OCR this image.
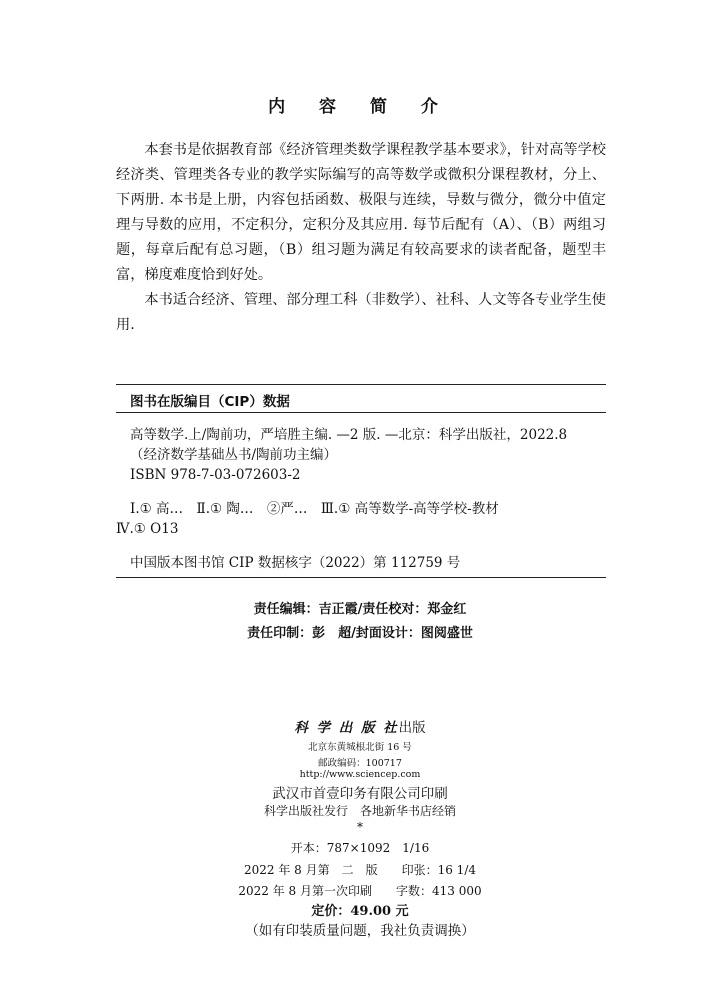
内 容 简 介

本套书是依据教育部《经济管理类数学课程教学基本要求》，针对高等学校经济类、管理类各专业的教学实际编写的高等数学或微积分课程教材，分上、下两册. 本书是上册，内容包括函数、极限与连续，导数与微分，微分中值定理与导数的应用，不定积分，定积分及其应用. 每节后配有（A）、（B）两组习题，每章后配有总习题，（B）组习题为满足有较高要求的读者配备，题型丰富，梯度难度恰到好处。

本书适合经济、管理、部分理工科（非数学）、社科、人文等各专业学生使用.

图书在版编目（CIP）数据
高等数学.上/陶前功，严培胜主编. —2 版. —北京：科学出版社，2022.8
（经济数学基础丛书/陶前功主编）
ISBN 978-7-03-072603-2
Ⅰ.① 高…　Ⅱ.① 陶…　②严…　Ⅲ.① 高等数学-高等学校-教材
Ⅳ.① O13
中国版本图书馆 CIP 数据核字（2022）第 112759 号
责任编辑：吉正霞/责任校对：郑金红
责任印制：彭　超/封面设计：图阅盛世
科 学 出 版 社出版
北京东黄城根北街 16 号
邮政编码：100717
http://www.sciencep.com
武汉市首壹印务有限公司印刷
科学出版社发行　各地新华书店经销
*
开本：787×1092　1/16
2022 年 8 月第　二　版　　印张：16 1/4
2022 年 8 月第一次印刷　　字数：413 000
定价：49.00 元
（如有印装质量问题，我社负责调换）
